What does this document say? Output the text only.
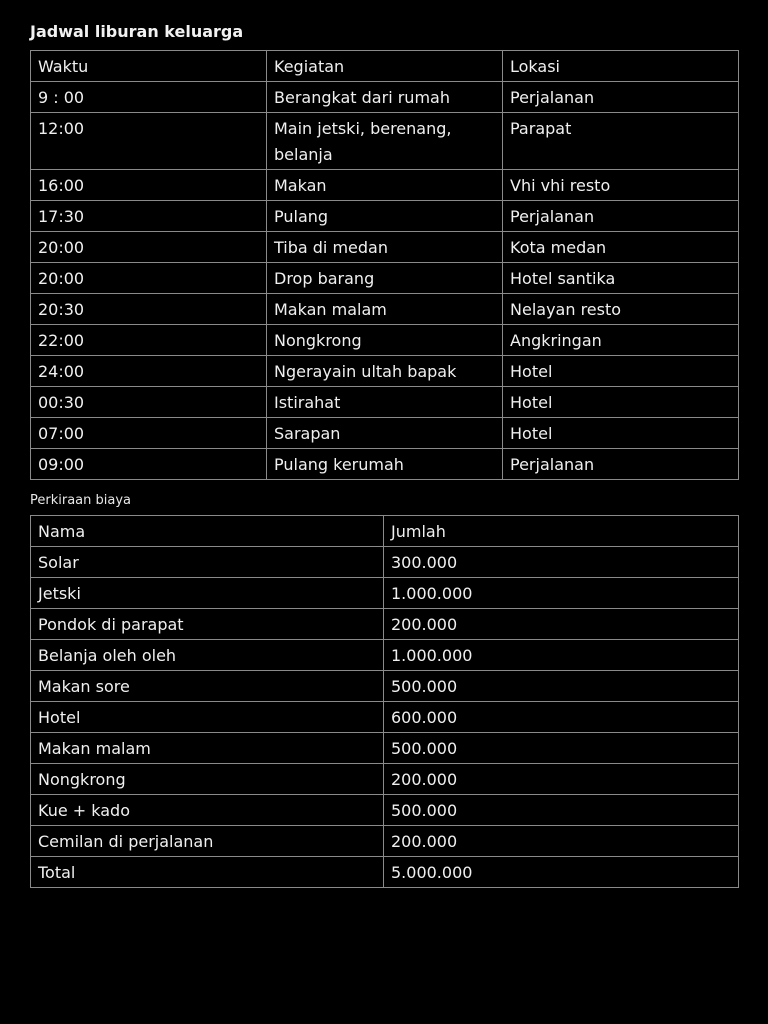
Jadwal liburan keluarga
Waktu	Kegiatan	Lokasi
9 : 00	Berangkat dari rumah	Perjalanan
12:00	Main jetski, berenang, belanja	Parapat
16:00	Makan	Vhi vhi resto
17:30	Pulang	Perjalanan
20:00	Tiba di medan	Kota medan
20:00	Drop barang	Hotel santika
20:30	Makan malam	Nelayan resto
22:00	Nongkrong	Angkringan
24:00	Ngerayain ultah bapak	Hotel
00:30	Istirahat	Hotel
07:00	Sarapan	Hotel
09:00	Pulang kerumah	Perjalanan
Perkiraan biaya
Nama	Jumlah
Solar	300.000
Jetski	1.000.000
Pondok di parapat	200.000
Belanja oleh oleh	1.000.000
Makan sore	500.000
Hotel	600.000
Makan malam	500.000
Nongkrong	200.000
Kue + kado	500.000
Cemilan di perjalanan	200.000
Total	5.000.000
